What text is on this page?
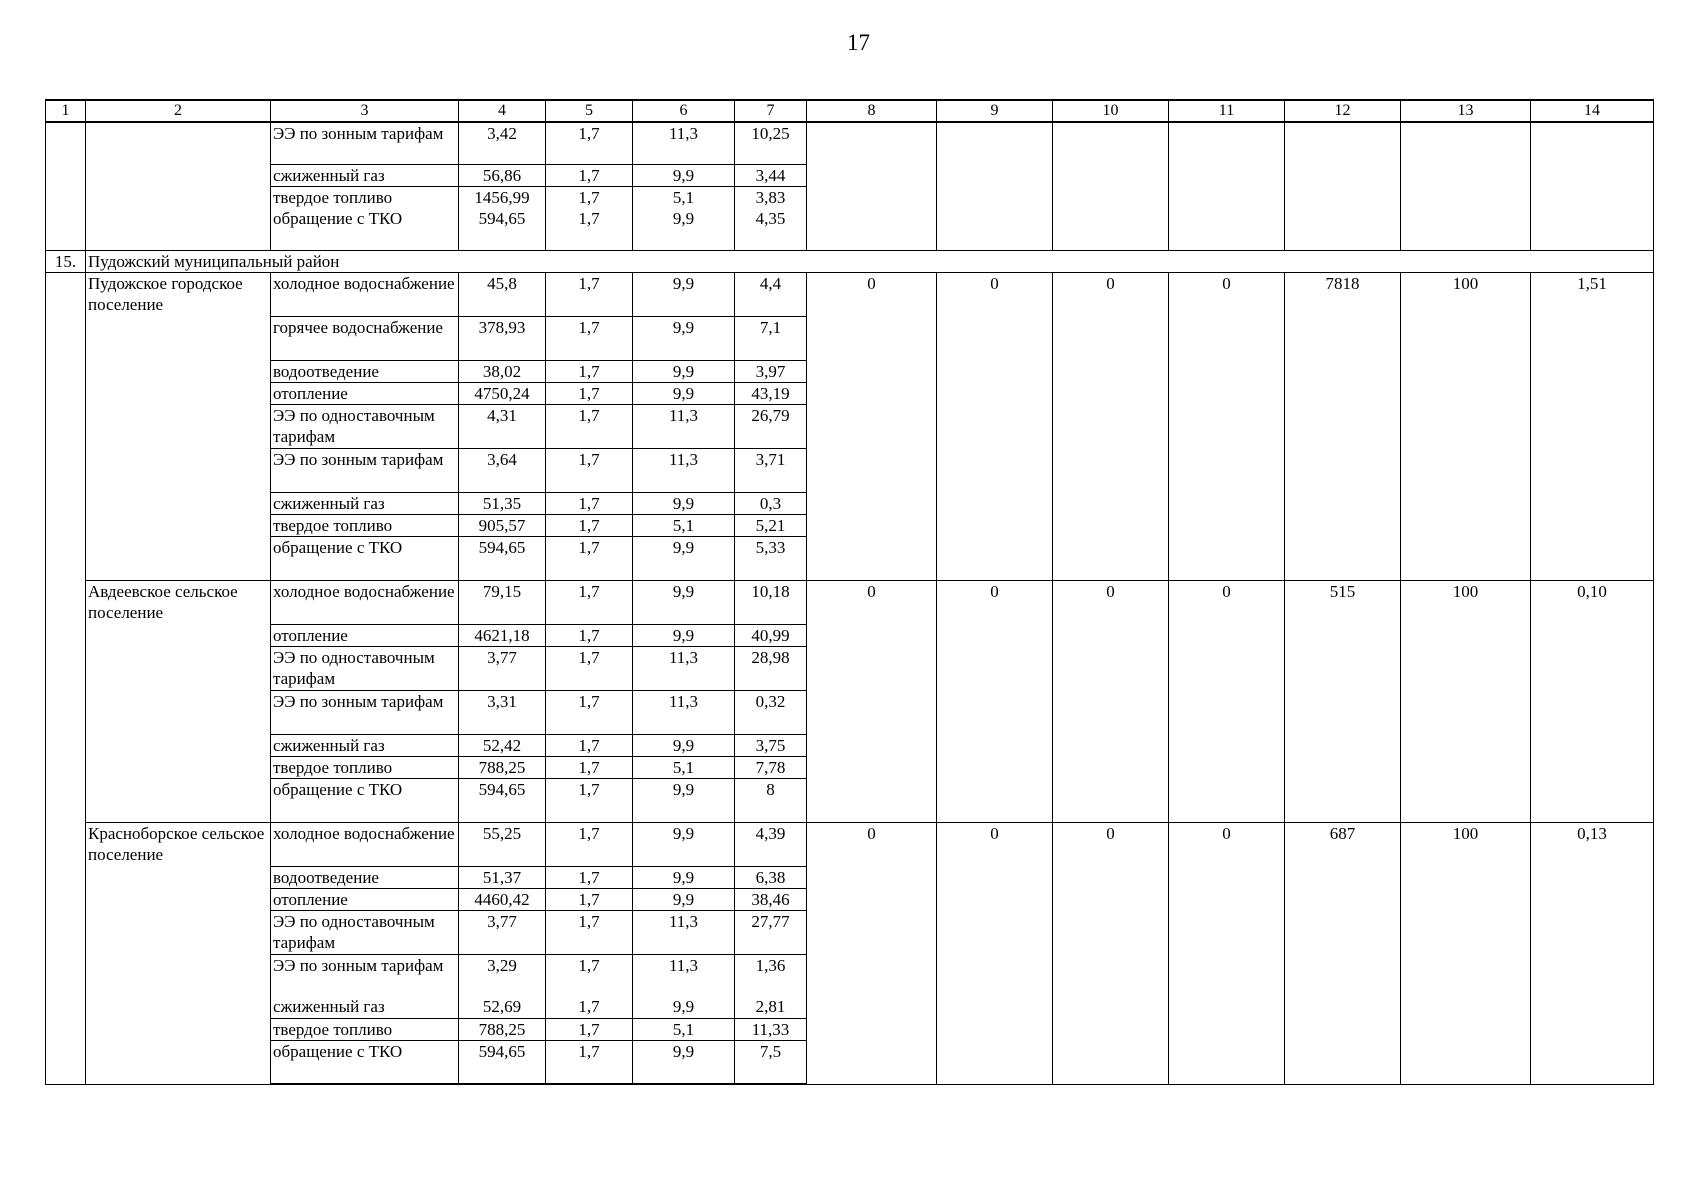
17
1	2	3	4	5	6	7	8	9	10	11	12	13	14	
		ЭЭ по зонным тарифам	3,42	1,7	11,3	10,25								
		сжиженный газ	56,86	1,7	9,9	3,44								
		твердое топливо	1456,99	1,7	5,1	3,83								
		обращение с ТКО	594,65	1,7	9,9	4,35								
15.	Пудожский муниципальный район													
	Пудожское городское поселение	холодное водоснабжение	45,8	1,7	9,9	4,4	0	0	0	0	7818	100	1,51	
		горячее водоснабжение	378,93	1,7	9,9	7,1								
		водоотведение	38,02	1,7	9,9	3,97								
		отопление	4750,24	1,7	9,9	43,19								
		ЭЭ по одноставочным тарифам	4,31	1,7	11,3	26,79								
		ЭЭ по зонным тарифам	3,64	1,7	11,3	3,71								
		сжиженный газ	51,35	1,7	9,9	0,3								
		твердое топливо	905,57	1,7	5,1	5,21								
		обращение с ТКО	594,65	1,7	9,9	5,33								
	Авдеевское сельское поселение	холодное водоснабжение	79,15	1,7	9,9	10,18	0	0	0	0	515	100	0,10	
		отопление	4621,18	1,7	9,9	40,99								
		ЭЭ по одноставочным тарифам	3,77	1,7	11,3	28,98								
		ЭЭ по зонным тарифам	3,31	1,7	11,3	0,32								
		сжиженный газ	52,42	1,7	9,9	3,75								
		твердое топливо	788,25	1,7	5,1	7,78								
		обращение с ТКО	594,65	1,7	9,9	8								
	Красноборское сельское поселение	холодное водоснабжение	55,25	1,7	9,9	4,39	0	0	0	0	687	100	0,13	
		водоотведение	51,37	1,7	9,9	6,38								
		отопление	4460,42	1,7	9,9	38,46								
		ЭЭ по одноставочным тарифам	3,77	1,7	11,3	27,77								
		ЭЭ по зонным тарифам	3,29	1,7	11,3	1,36								
		сжиженный газ	52,69	1,7	9,9	2,81								
		твердое топливо	788,25	1,7	5,1	11,33								
		обращение с ТКО	594,65	1,7	9,9	7,5								
